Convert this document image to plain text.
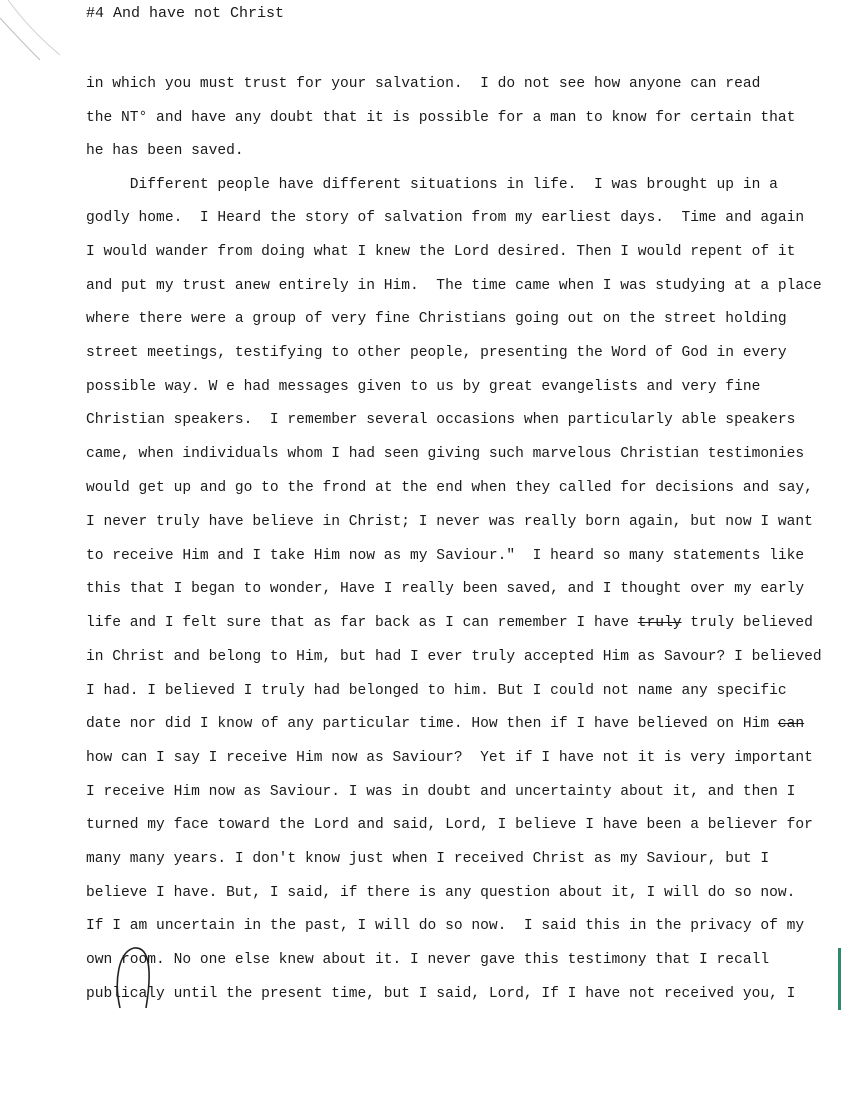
#4 And have not Christ
in which you must trust for your salvation.  I do not see how anyone can read
the NT° and have any doubt that it is possible for a man to know for certain that
he has been saved.
Different people have different situations in life.  I was brought up in a
godly home.  I Heard the story of salvation from my earliest days.  Time and again
I would wander from doing what I knew the Lord desired. Then I would repent of it
and put my trust anew entirely in Him.  The time came when I was studying at a place
where there were a group of very fine Christians going out on the street holding
street meetings, testifying to other people, presenting the Word of God in every
possible way. W e had messages given to us by great evangelists and very fine
Christian speakers.  I remember several occasions when particularly able speakers
came, when individuals whom I had seen giving such marvelous Christian testimonies
would get up and go to the frond at the end when they called for decisions and say,
I never truly have believe in Christ; I never was really born again, but now I want
to receive Him and I take Him now as my Saviour."  I heard so many statements like
this that I began to wonder, Have I really been saved, and I thought over my early
life and I felt sure that as far back as I can remember I have truly truly believed
in Christ and belong to Him, but had I ever truly accepted Him as Savour? I believed
I had. I believed I truly had belonged to him. But I could not name any specific
date nor did I know of any particular time. How then if I have believed on Him can
how can I say I receive Him now as Saviour?  Yet if I have not it is very important
I receive Him now as Saviour. I was in doubt and uncertainty about it, and then I
turned my face toward the Lord and said, Lord, I believe I have been a believer for
many many years. I don't know just when I received Christ as my Saviour, but I
believe I have. But, I said, if there is any question about it, I will do so now.
If I am uncertain in the past, I will do so now.  I said this in the privacy of my
own room. No one else knew about it. I never gave this testimony that I recall
publicaly until the present time, but I said, Lord, If I have not received you, I
